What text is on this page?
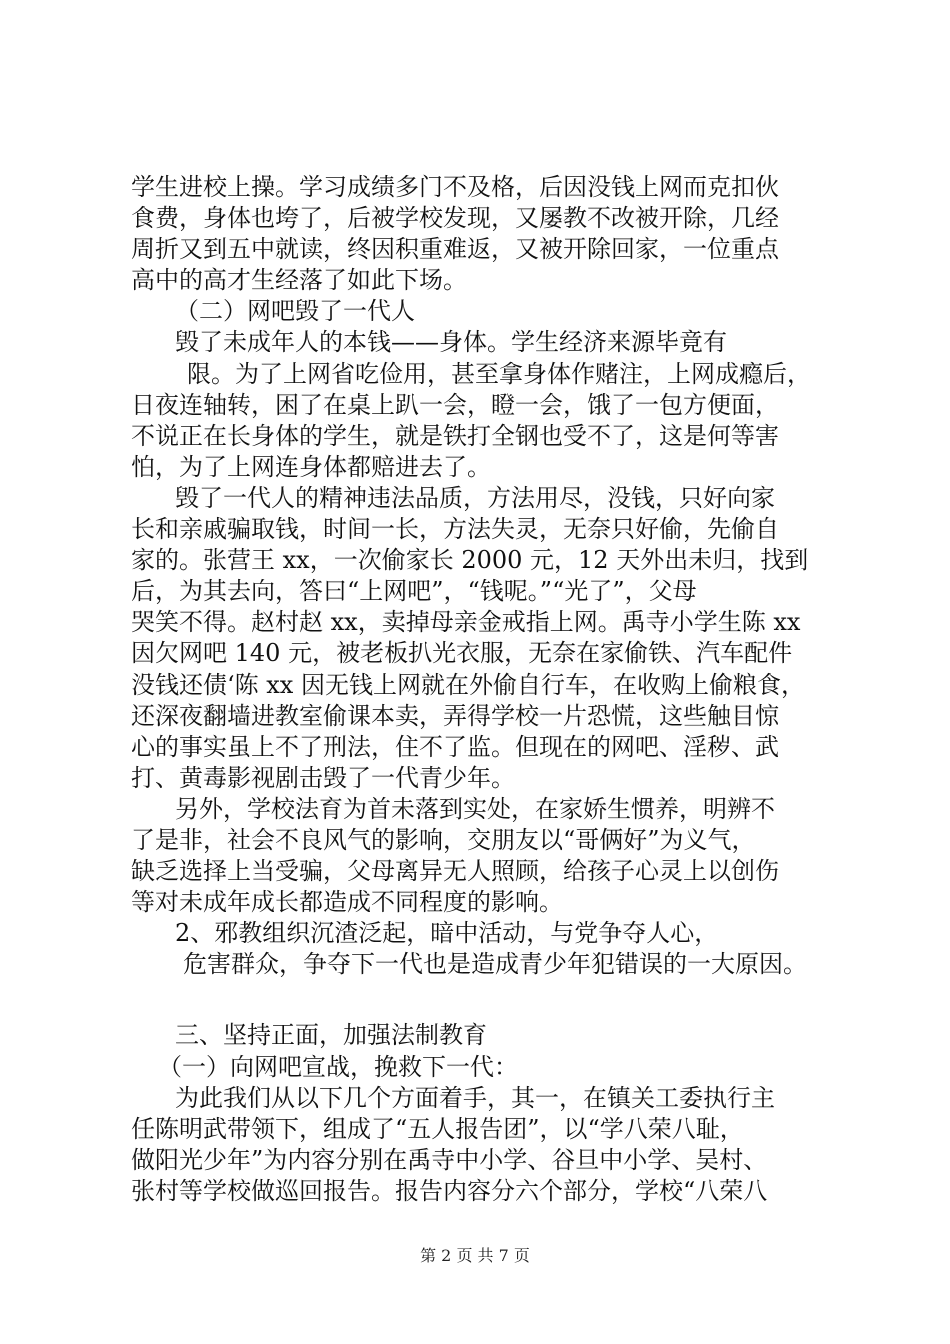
学生进校上操。学习成绩多门不及格，后因没钱上网而克扣伙
食费，身体也垮了，后被学校发现，又屡教不改被开除，几经
周折又到五中就读，终因积重难返，又被开除回家，一位重点
高中的高才生经落了如此下场。
（二）网吧毁了一代人
毁了未成年人的本钱——身体。学生经济来源毕竟有
限。为了上网省吃俭用，甚至拿身体作赌注，上网成瘾后，
日夜连轴转，困了在桌上趴一会，瞪一会，饿了一包方便面，
不说正在长身体的学生，就是铁打全钢也受不了，这是何等害
怕，为了上网连身体都赔进去了。
毁了一代人的精神违法品质，方法用尽，没钱，只好向家
长和亲戚骗取钱，时间一长，方法失灵，无奈只好偷，先偷自
家的。张营王 xx，一次偷家长 2000 元，12 天外出未归，找到
后，为其去向，答曰“上网吧”，“钱呢。”“光了”，父母
哭笑不得。赵村赵 xx，卖掉母亲金戒指上网。禹寺小学生陈 xx
因欠网吧 140 元，被老板扒光衣服，无奈在家偷铁、汽车配件
没钱还债‘陈 xx 因无钱上网就在外偷自行车，在收购上偷粮食，
还深夜翻墙进教室偷课本卖，弄得学校一片恐慌，这些触目惊
心的事实虽上不了刑法，住不了监。但现在的网吧、淫秽、武
打、黄毒影视剧击毁了一代青少年。
另外，学校法育为首未落到实处，在家娇生惯养，明辨不
了是非，社会不良风气的影响，交朋友以“哥俩好”为义气，
缺乏选择上当受骗，父母离异无人照顾，给孩子心灵上以创伤
等对未成年成长都造成不同程度的影响。
2、邪教组织沉渣泛起，暗中活动，与党争夺人心，
危害群众，争夺下一代也是造成青少年犯错误的一大原因。
三、坚持正面，加强法制教育
（一）向网吧宣战，挽救下一代：
为此我们从以下几个方面着手，其一，在镇关工委执行主
任陈明武带领下，组成了“五人报告团”，以“学八荣八耻，
做阳光少年”为内容分别在禹寺中小学、谷旦中小学、吴村、
张村等学校做巡回报告。报告内容分六个部分，学校“八荣八
第 2 页 共 7 页
